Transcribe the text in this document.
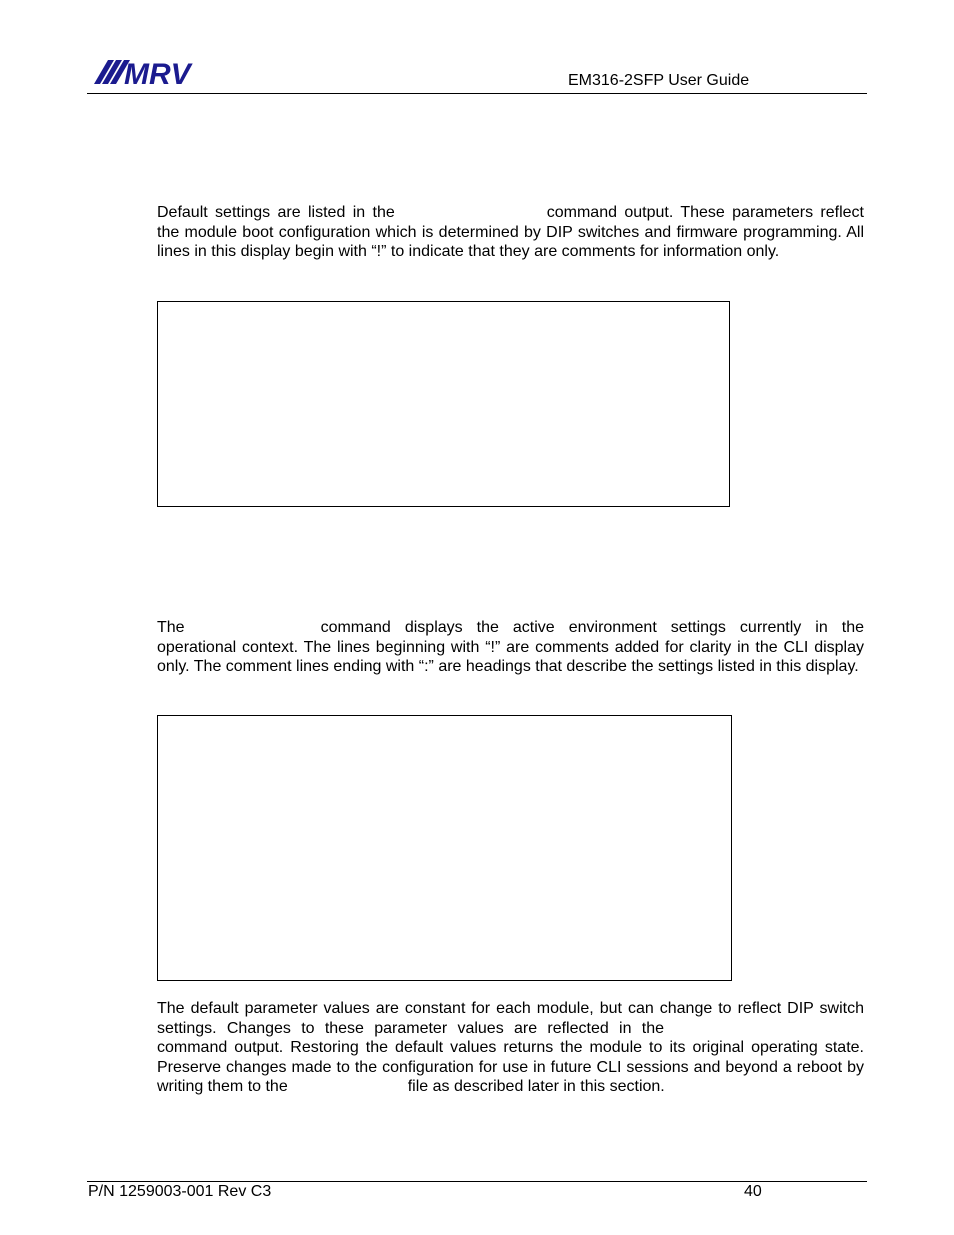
MRV	EM316-2SFP User Guide

Default settings are listed in the	command output. These parameters reflect the module boot configuration which is determined by DIP switches and firmware programming. All lines in this display begin with “!” to indicate that they are comments for information only.

The	command displays the active environment settings currently in the operational context. The lines beginning with “!” are comments added for clarity in the CLI display only. The comment lines ending with “:” are headings that describe the settings listed in this display.

The default parameter values are constant for each module, but can change to reflect DIP switch settings. Changes to these parameter values are reflected in the command output. Restoring the default values returns the module to its original operating state. Preserve changes made to the configuration for use in future CLI sessions and beyond a reboot by writing them to the	file as described later in this section.

P/N 1259003-001 Rev C3	40
